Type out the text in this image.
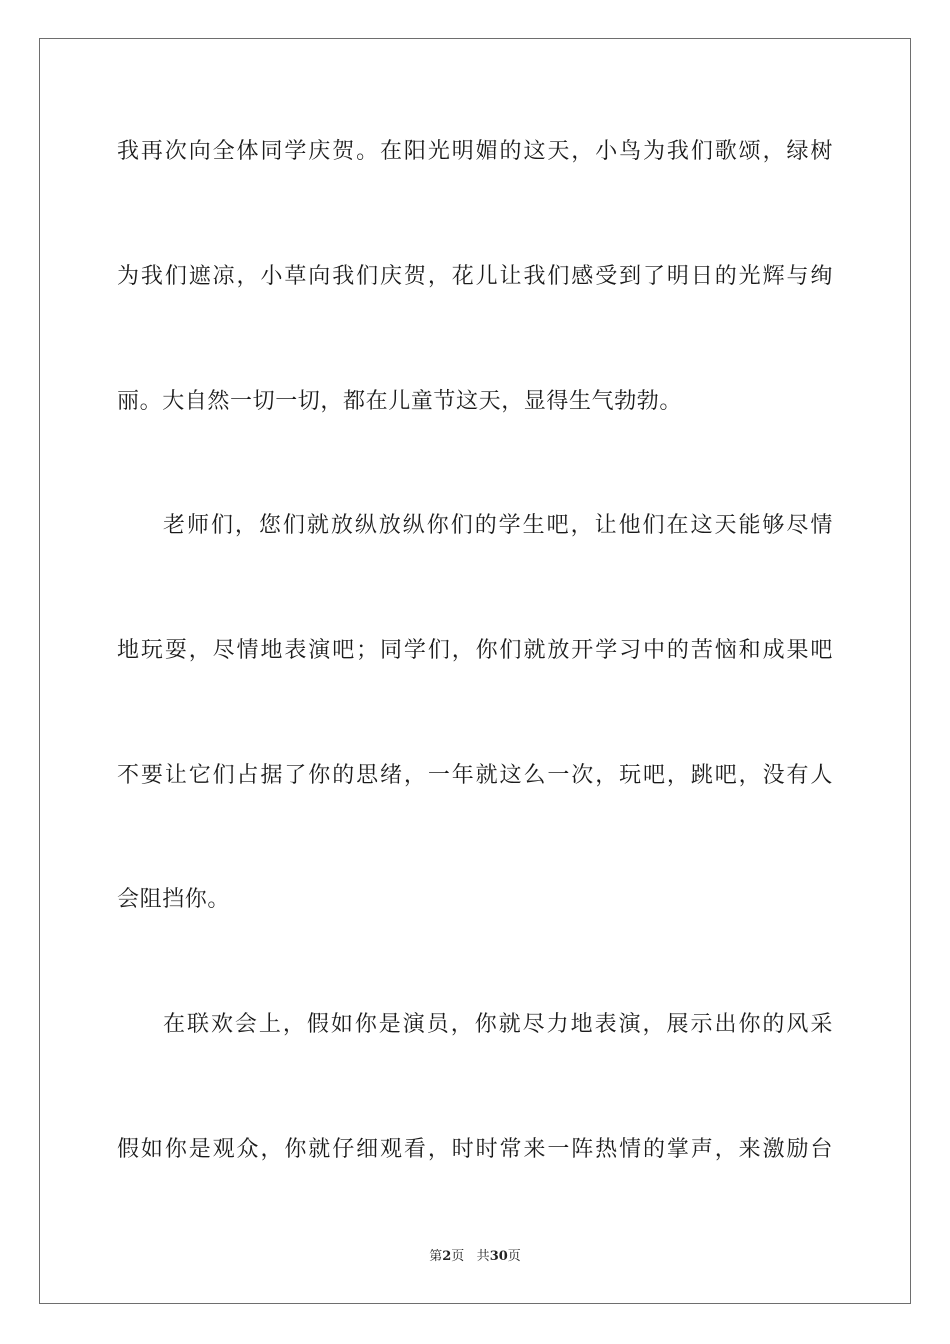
我再次向全体同学庆贺。在阳光明媚的这天，小鸟为我们歌颂，绿树
为我们遮凉，小草向我们庆贺，花儿让我们感受到了明日的光辉与绚
丽。大自然一切一切，都在儿童节这天，显得生气勃勃。
老师们，您们就放纵放纵你们的学生吧，让他们在这天能够尽情
地玩耍，尽情地表演吧；同学们，你们就放开学习中的苦恼和成果吧
不要让它们占据了你的思绪，一年就这么一次，玩吧，跳吧，没有人
会阻挡你。
在联欢会上，假如你是演员，你就尽力地表演，展示出你的风采
假如你是观众，你就仔细观看，时时常来一阵热情的掌声，来激励台
第2页 共30页
